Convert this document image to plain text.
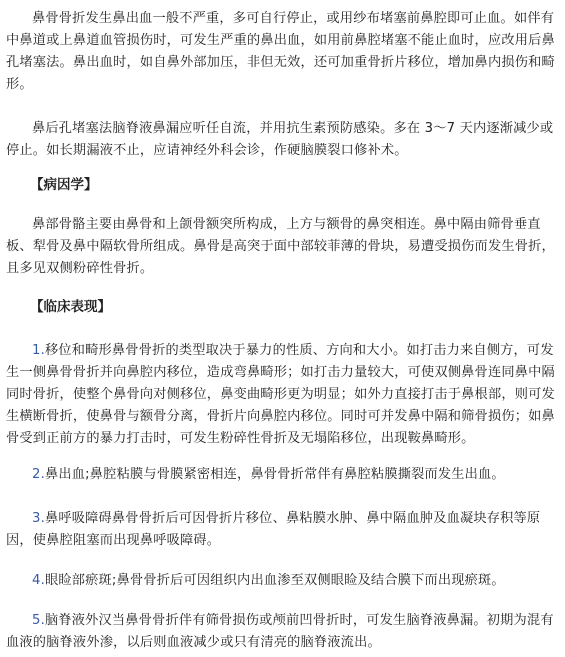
鼻骨骨折发生鼻出血一般不严重，多可自行停止，或用纱布堵塞前鼻腔即可止血。如伴有中鼻道或上鼻道血管损伤时，可发生严重的鼻出血，如用前鼻腔堵塞不能止血时，应改用后鼻孔堵塞法。鼻出血时，如自鼻外部加压，非但无效，还可加重骨折片移位，增加鼻内损伤和畸形。

鼻后孔堵塞法脑脊液鼻漏应听任自流，并用抗生素预防感染。多在 3～7 天内逐渐减少或停止。如长期漏液不止，应请神经外科会诊，作硬脑膜裂口修补术。

【病因学】

鼻部骨骼主要由鼻骨和上颌骨额突所构成，上方与额骨的鼻突相连。鼻中隔由筛骨垂直板、犁骨及鼻中隔软骨所组成。鼻骨是高突于面中部较菲薄的骨块，易遭受损伤而发生骨折，且多见双侧粉碎性骨折。

【临床表现】

1.移位和畸形鼻骨骨折的类型取决于暴力的性质、方向和大小。如打击力来自侧方，可发生一侧鼻骨骨折并向鼻腔内移位，造成弯鼻畸形；如打击力量较大，可使双侧鼻骨连同鼻中隔同时骨折，使整个鼻骨向对侧移位，鼻变曲畸形更为明显；如外力直接打击于鼻根部，则可发生横断骨折，使鼻骨与额骨分离，骨折片向鼻腔内移位。同时可并发鼻中隔和筛骨损伤；如鼻骨受到正前方的暴力打击时，可发生粉碎性骨折及无塌陷移位，出现鞍鼻畸形。

2.鼻出血;鼻腔粘膜与骨膜紧密相连，鼻骨骨折常伴有鼻腔粘膜撕裂而发生出血。

3.鼻呼吸障碍鼻骨骨折后可因骨折片移位、鼻粘膜水肿、鼻中隔血肿及血凝块存积等原因，使鼻腔阻塞而出现鼻呼吸障碍。

4.眼睑部瘀斑;鼻骨骨折后可因组织内出血渗至双侧眼睑及结合膜下而出现瘀斑。

5.脑脊液外汉当鼻骨骨折伴有筛骨损伤或颅前凹骨折时，可发生脑脊液鼻漏。初期为混有血液的脑脊液外渗，以后则血液减少或只有清亮的脑脊液流出。
